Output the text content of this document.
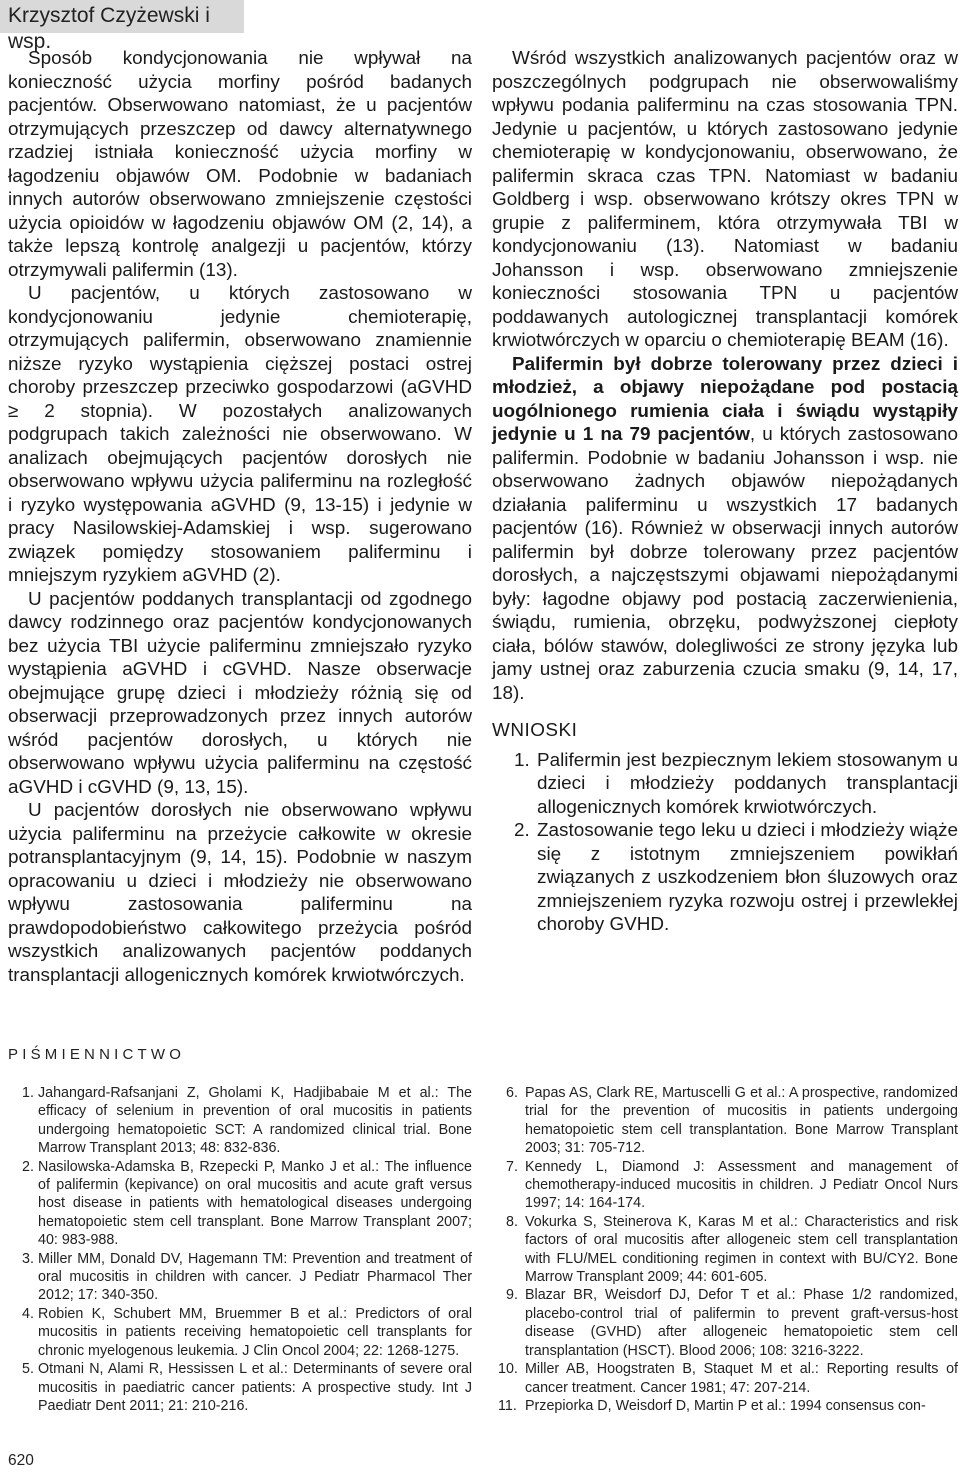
Krzysztof Czyżewski i wsp.

Sposób kondycjonowania nie wpływał na konieczność użycia morfiny pośród badanych pacjentów. Obserwowano natomiast, że u pacjentów otrzymujących przeszczep od dawcy alternatywnego rzadziej istniała konieczność użycia morfiny w łagodzeniu objawów OM. Podobnie w badaniach innych autorów obserwowano zmniejszenie częstości użycia opioidów w łagodzeniu objawów OM (2, 14), a także lepszą kontrolę analgezji u pacjentów, którzy otrzymywali palifermin (13).

U pacjentów, u których zastosowano w kondycjonowaniu jedynie chemioterapię, otrzymujących palifermin, obserwowano znamiennie niższe ryzyko wystąpienia cięższej postaci ostrej choroby przeszczep przeciwko gospodarzowi (aGVHD ≥ 2 stopnia). W pozostałych analizowanych podgrupach takich zależności nie obserwowano. W analizach obejmujących pacjentów dorosłych nie obserwowano wpływu użycia paliferminu na rozległość i ryzyko występowania aGVHD (9, 13-15) i jedynie w pracy Nasilowskiej-Adamskiej i wsp. sugerowano związek pomiędzy stosowaniem paliferminu i mniejszym ryzykiem aGVHD (2).

U pacjentów poddanych transplantacji od zgodnego dawcy rodzinnego oraz pacjentów kondycjonowanych bez użycia TBI użycie paliferminu zmniejszało ryzyko wystąpienia aGVHD i cGVHD. Nasze obserwacje obejmujące grupę dzieci i młodzieży różnią się od obserwacji przeprowadzonych przez innych autorów wśród pacjentów dorosłych, u których nie obserwowano wpływu użycia paliferminu na częstość aGVHD i cGVHD (9, 13, 15).

U pacjentów dorosłych nie obserwowano wpływu użycia paliferminu na przeżycie całkowite w okresie potransplantacyjnym (9, 14, 15). Podobnie w naszym opracowaniu u dzieci i młodzieży nie obserwowano wpływu zastosowania paliferminu na prawdopodobieństwo całkowitego przeżycia pośród wszystkich analizowanych pacjentów poddanych transplantacji allogenicznych komórek krwiotwórczych.

Wśród wszystkich analizowanych pacjentów oraz w poszczególnych podgrupach nie obserwowaliśmy wpływu podania paliferminu na czas stosowania TPN. Jedynie u pacjentów, u których zastosowano jedynie chemioterapię w kondycjonowaniu, obserwowano, że palifermin skraca czas TPN. Natomiast w badaniu Goldberg i wsp. obserwowano krótszy okres TPN w grupie z paliferminem, która otrzymywała TBI w kondycjonowaniu (13). Natomiast w badaniu Johansson i wsp. obserwowano zmniejszenie konieczności stosowania TPN u pacjentów poddawanych autologicznej transplantacji komórek krwiotwórczych w oparciu o chemioterapię BEAM (16).

Palifermin był dobrze tolerowany przez dzieci i młodzież, a objawy niepożądane pod postacią uogólnionego rumienia ciała i świądu wystąpiły jedynie u 1 na 79 pacjentów, u których zastosowano palifermin. Podobnie w badaniu Johansson i wsp. nie obserwowano żadnych objawów niepożądanych działania paliferminu u wszystkich 17 badanych pacjentów (16). Również w obserwacji innych autorów palifermin był dobrze tolerowany przez pacjentów dorosłych, a najczęstszymi objawami niepożądanymi były: łagodne objawy pod postacią zaczerwienienia, świądu, rumienia, obrzęku, podwyższonej ciepłoty ciała, bólów stawów, dolegliwości ze strony języka lub jamy ustnej oraz zaburzenia czucia smaku (9, 14, 17, 18).

WNIOSKI
1. Palifermin jest bezpiecznym lekiem stosowanym u dzieci i młodzieży poddanych transplantacji allogenicznych komórek krwiotwórczych.
2. Zastosowanie tego leku u dzieci i młodzieży wiąże się z istotnym zmniejszeniem powikłań związanych z uszkodzeniem błon śluzowych oraz zmniejszeniem ryzyka rozwoju ostrej i przewlekłej choroby GVHD.
PIŚMIENNICTWO
1. Jahangard-Rafsanjani Z, Gholami K, Hadjibabaie M et al.: The efficacy of selenium in prevention of oral mucositis in patients undergoing hematopoietic SCT: A randomized clinical trial. Bone Marrow Transplant 2013; 48: 832-836.
2. Nasilowska-Adamska B, Rzepecki P, Manko J et al.: The influence of palifermin (kepivance) on oral mucositis and acute graft versus host disease in patients with hematological diseases undergoing hematopoietic stem cell transplant. Bone Marrow Transplant 2007; 40: 983-988.
3. Miller MM, Donald DV, Hagemann TM: Prevention and treatment of oral mucositis in children with cancer. J Pediatr Pharmacol Ther 2012; 17: 340-350.
4. Robien K, Schubert MM, Bruemmer B et al.: Predictors of oral mucositis in patients receiving hematopoietic cell transplants for chronic myelogenous leukemia. J Clin Oncol 2004; 22: 1268-1275.
5. Otmani N, Alami R, Hessissen L et al.: Determinants of severe oral mucositis in paediatric cancer patients: A prospective study. Int J Paediatr Dent 2011; 21: 210-216.
6. Papas AS, Clark RE, Martuscelli G et al.: A prospective, randomized trial for the prevention of mucositis in patients undergoing hematopoietic stem cell transplantation. Bone Marrow Transplant 2003; 31: 705-712.
7. Kennedy L, Diamond J: Assessment and management of chemotherapy-induced mucositis in children. J Pediatr Oncol Nurs 1997; 14: 164-174.
8. Vokurka S, Steinerova K, Karas M et al.: Characteristics and risk factors of oral mucositis after allogeneic stem cell transplantation with FLU/MEL conditioning regimen in context with BU/CY2. Bone Marrow Transplant 2009; 44: 601-605.
9. Blazar BR, Weisdorf DJ, Defor T et al.: Phase 1/2 randomized, placebo-control trial of palifermin to prevent graft-versus-host disease (GVHD) after allogeneic hematopoietic stem cell transplantation (HSCT). Blood 2006; 108: 3216-3222.
10. Miller AB, Hoogstraten B, Staquet M et al.: Reporting results of cancer treatment. Cancer 1981; 47: 207-214.
11. Przepiorka D, Weisdorf D, Martin P et al.: 1994 consensus con-
620
